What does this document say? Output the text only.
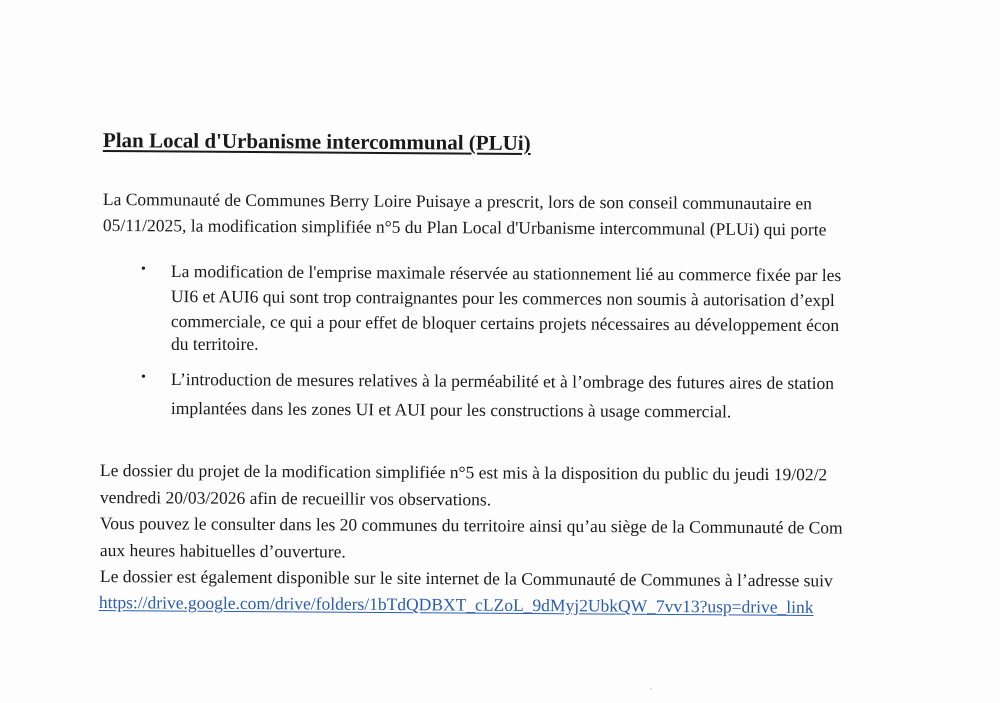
Plan Local d'Urbanisme intercommunal (PLUi)
La Communauté de Communes Berry Loire Puisaye a prescrit, lors de son conseil communautaire en
05/11/2025, la modification simplifiée n°5 du Plan Local d'Urbanisme intercommunal (PLUi) qui porte
• La modification de l'emprise maximale réservée au stationnement lié au commerce fixée par les
UI6 et AUI6 qui sont trop contraignantes pour les commerces non soumis à autorisation d’expl
commerciale, ce qui a pour effet de bloquer certains projets nécessaires au développement écon
du territoire.
• L’introduction de mesures relatives à la perméabilité et à l’ombrage des futures aires de station
implantées dans les zones UI et AUI pour les constructions à usage commercial.
Le dossier du projet de la modification simplifiée n°5 est mis à la disposition du public du jeudi 19/02/2
vendredi 20/03/2026 afin de recueillir vos observations.
Vous pouvez le consulter dans les 20 communes du territoire ainsi qu’au siège de la Communauté de Com
aux heures habituelles d’ouverture.
Le dossier est également disponible sur le site internet de la Communauté de Communes à l’adresse suiv
https://drive.google.com/drive/folders/1bTdQDBXT_cLZoL_9dMyj2UbkQW_7vv13?usp=drive_link
